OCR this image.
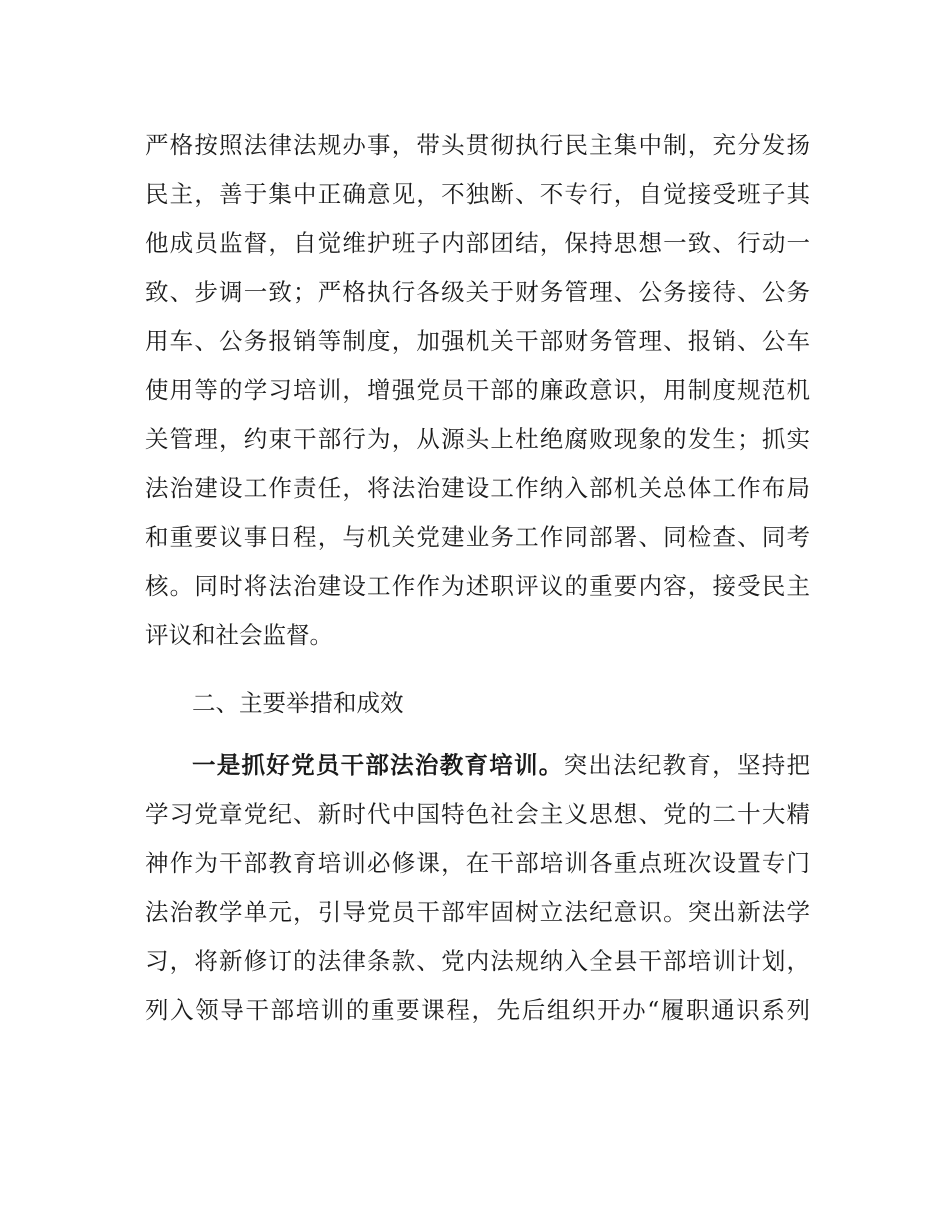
严格按照法律法规办事，带头贯彻执行民主集中制，充分发扬
民主，善于集中正确意见，不独断、不专行，自觉接受班子其
他成员监督，自觉维护班子内部团结，保持思想一致、行动一
致、步调一致；严格执行各级关于财务管理、公务接待、公务
用车、公务报销等制度，加强机关干部财务管理、报销、公车
使用等的学习培训，增强党员干部的廉政意识，用制度规范机
关管理，约束干部行为，从源头上杜绝腐败现象的发生；抓实
法治建设工作责任，将法治建设工作纳入部机关总体工作布局
和重要议事日程，与机关党建业务工作同部署、同检查、同考
核。同时将法治建设工作作为述职评议的重要内容，接受民主
评议和社会监督。
二、主要举措和成效
一是抓好党员干部法治教育培训。突出法纪教育，坚持把
学习党章党纪、新时代中国特色社会主义思想、党的二十大精
神作为干部教育培训必修课，在干部培训各重点班次设置专门
法治教学单元，引导党员干部牢固树立法纪意识。突出新法学
习，将新修订的法律条款、党内法规纳入全县干部培训计划，
列入领导干部培训的重要课程，先后组织开办“履职通识系列
